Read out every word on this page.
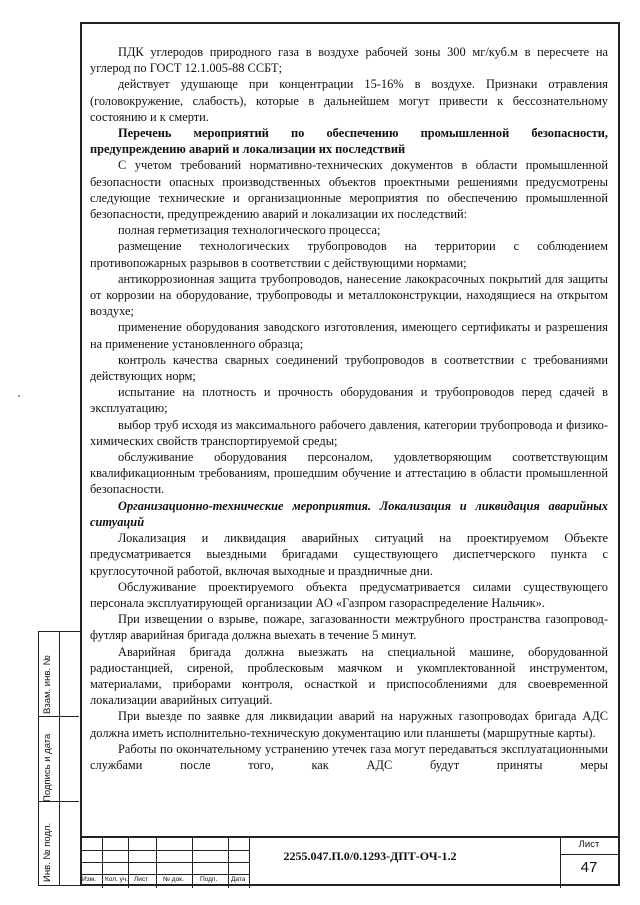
ПДК углеродов природного газа в воздухе рабочей зоны 300 мг/куб.м в пересчете на углерод по ГОСТ 12.1.005-88 ССБТ;

действует удушающе при концентрации 15-16% в воздухе. Признаки отравления (головокружение, слабость), которые в дальнейшем могут привести к бессознательному состоянию и к смерти.

Перечень мероприятий по обеспечению промышленной безопасности, предупреждению аварий и локализации их последствий

С учетом требований нормативно-технических документов в области промышленной безопасности опасных производственных объектов проектными решениями предусмотрены следующие технические и организационные мероприятия по обеспечению промышленной безопасности, предупреждению аварий и локализации их последствий:

полная герметизация технологического процесса;

размещение технологических трубопроводов на территории с соблюдением противопожарных разрывов в соответствии с действующими нормами;

антикоррозионная защита трубопроводов, нанесение лакокрасочных покрытий для защиты от коррозии на оборудование, трубопроводы и металлоконструкции, находящиеся на открытом воздухе;

применение оборудования заводского изготовления, имеющего сертификаты и разрешения на применение установленного образца;

контроль качества сварных соединений трубопроводов в соответствии с требованиями действующих норм;

испытание на плотность и прочность оборудования и трубопроводов перед сдачей в эксплуатацию;

выбор труб исходя из максимального рабочего давления, категории трубопровода и физико-химических свойств транспортируемой среды;

обслуживание оборудования персоналом, удовлетворяющим соответствующим квалификационным требованиям, прошедшим обучение и аттестацию в области промышленной безопасности.

Организационно-технические мероприятия. Локализация и ликвидация аварийных ситуаций

Локализация и ликвидация аварийных ситуаций на проектируемом Объекте предусматривается выездными бригадами существующего диспетчерского пункта с круглосуточной работой, включая выходные и праздничные дни.

Обслуживание проектируемого объекта предусматривается силами существующего персонала эксплуатирующей организации АО «Газпром газораспределение Нальчик».

При извещении о взрыве, пожаре, загазованности межтрубного пространства газопровод-футляр аварийная бригада должна выехать в течение 5 минут.

Аварийная бригада должна выезжать на специальной машине, оборудованной радиостанцией, сиреной, проблесковым маячком и укомплектованной инструментом, материалами, приборами контроля, оснасткой и приспособлениями для своевременной локализации аварийных ситуаций.

При выезде по заявке для ликвидации аварий на наружных газопроводах бригада АДС должна иметь исполнительно-техническую документацию или планшеты (маршрутные карты).

Работы по окончательному устранению утечек газа могут передаваться эксплуатационными службами после того, как АДС будут приняты меры

Взам. инв. №
Подпись и дата
Инв. № подл.	Изм. Кол. уч. Лист № док. Подп. Дата
2255.047.П.0/0.1293-ДПТ-ОЧ-1.2
Лист
47
